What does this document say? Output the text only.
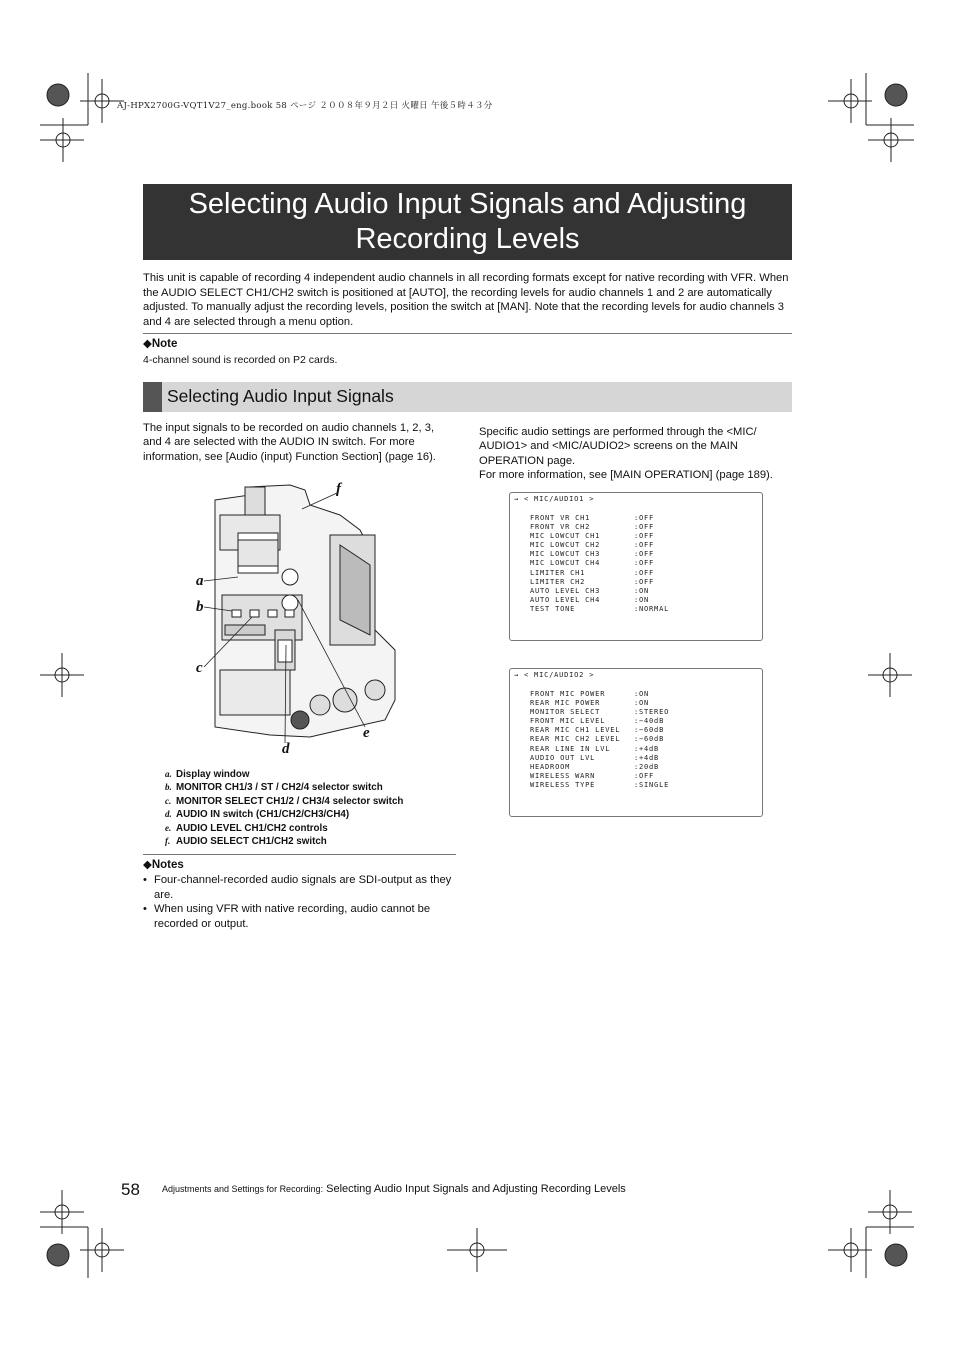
AJ-HPX2700G-VQT1V27_eng.book 58 ページ ２００８年９月２日 火曜日 午後５時４３分
Selecting Audio Input Signals and Adjusting
Recording Levels

This unit is capable of recording 4 independent audio channels in all recording formats except for native recording with VFR. When the AUDIO SELECT CH1/CH2 switch is positioned at [AUTO], the recording levels for audio channels 1 and 2 are automatically adjusted. To manually adjust the recording levels, position the switch at [MAN]. Note that the recording levels for audio channels 3 and 4 are selected through a menu option.

◆Note
4-channel sound is recorded on P2 cards.
Selecting Audio Input Signals

The input signals to be recorded on audio channels 1, 2, 3, and 4 are selected with the AUDIO IN switch. For more information, see [Audio (input) Function Section] (page 16).

Specific audio settings are performed through the <MIC/ AUDIO1> and <MIC/AUDIO2> screens on the MAIN OPERATION page.

For more information, see [MAIN OPERATION] (page 189).

a
b
c
d
e
f
a. Display window
b. MONITOR CH1/3 / ST / CH2/4 selector switch
c. MONITOR SELECT CH1/2 / CH3/4 selector switch
d. AUDIO IN switch (CH1/CH2/CH3/CH4)
e. AUDIO LEVEL CH1/CH2 controls
f. AUDIO SELECT CH1/CH2 switch
◆Notes
• Four-channel-recorded audio signals are SDI-output as they are.
• When using VFR with native recording, audio cannot be recorded or output.
→ < MIC/AUDIO1 >
FRONT VR CH1	:OFF
FRONT VR CH2	:OFF
MIC LOWCUT CH1	:OFF
MIC LOWCUT CH2	:OFF
MIC LOWCUT CH3	:OFF
MIC LOWCUT CH4	:OFF
LIMITER CH1	:OFF
LIMITER CH2	:OFF
AUTO LEVEL CH3	:ON
AUTO LEVEL CH4	:ON
TEST TONE	:NORMAL
→ < MIC/AUDIO2 >
FRONT MIC POWER	:ON
REAR MIC POWER	:ON
MONITOR SELECT	:STEREO
FRONT MIC LEVEL	:−40dB
REAR MIC CH1 LEVEL :−60dB
REAR MIC CH2 LEVEL :−60dB
REAR LINE IN LVL	:+4dB
AUDIO OUT LVL	:+4dB
HEADROOM	:20dB
WIRELESS WARN	:OFF
WIRELESS TYPE	:SINGLE
58 Adjustments and Settings for Recording: Selecting Audio Input Signals and Adjusting Recording Levels
